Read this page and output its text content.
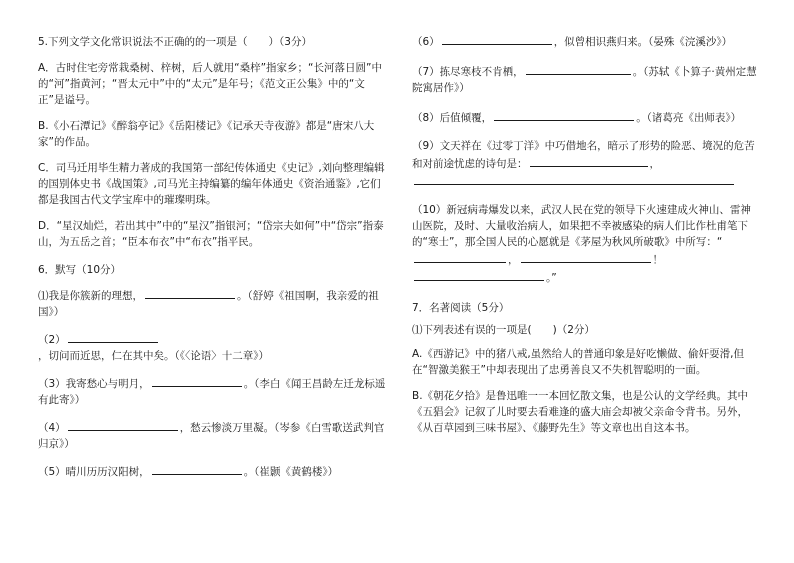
5.下列文学文化常识说法不正确的的一项是（　　）（3分）

A．古时住宅旁常栽桑树、梓树，后人就用“桑梓”指家乡；“长河落日圆”中的“河”指黄河；“晋太元中”中的“太元”是年号；《范文正公集》中的“文正”是谥号。

B.《小石潭记》《醉翁亭记》《岳阳楼记》《记承天寺夜游》都是“唐宋八大家”的作品。

C．司马迁用毕生精力著成的我国第一部纪传体通史《史记》,刘向整理编辑的国别体史书《战国策》,司马光主持编纂的编年体通史《资治通鉴》,它们都是我国古代文学宝库中的璀璨明珠。

D．“星汉灿烂，若出其中”中的“星汉”指银河；“岱宗夫如何”中“岱宗”指泰山，为五岳之首；“臣本布衣”中“布衣”指平民。

6．默写（10分）

⑴我是你簇新的理想，	。（舒婷《祖国啊，我亲爱的祖国》）

（2），切问而近思，仁在其中矣。（《〈论语〉十二章》）

（3）我寄愁心与明月，	。（李白《闻王昌龄左迁龙标遥有此寄》）

（4）	，愁云惨淡万里凝。（岑参《白雪歌送武判官归京》）

（5）晴川历历汉阳树，	。（崔颢《黄鹤楼》）

（6）	，似曾相识燕归来。（晏殊《浣溪沙》）

（7）拣尽寒枝不肯栖，	。（苏轼《卜算子·黄州定慧院寓居作》）

（8）后值倾覆，	。（诸葛亮《出师表》）

（9）文天祥在《过零丁洋》中巧借地名，暗示了形势的险恶、境况的危苦和对前途忧虑的诗句是：	，

（10）新冠病毒爆发以来，武汉人民在党的领导下火速建成火神山、雷神山医院，及时、大量收治病人，如果把不幸被感染的病人们比作杜甫笔下的“寒士”，那全国人民的心愿就是《茅屋为秋风所破歌》中所写：“，	！。”

7．名著阅读（5分）

⑴下列表述有误的一项是(　　)（2分）

A.《西游记》中的猪八戒,虽然给人的普通印象是好吃懒做、偷奸耍滑,但在“智激美猴王”中却表现出了忠勇善良又不失机智聪明的一面。

B.《朝花夕拾》是鲁迅唯一一本回忆散文集，也是公认的文学经典。其中《五猖会》记叙了儿时要去看难逢的盛大庙会却被父亲命令背书。另外，《从百草园到三味书屋》、《藤野先生》等文章也出自这本书。
